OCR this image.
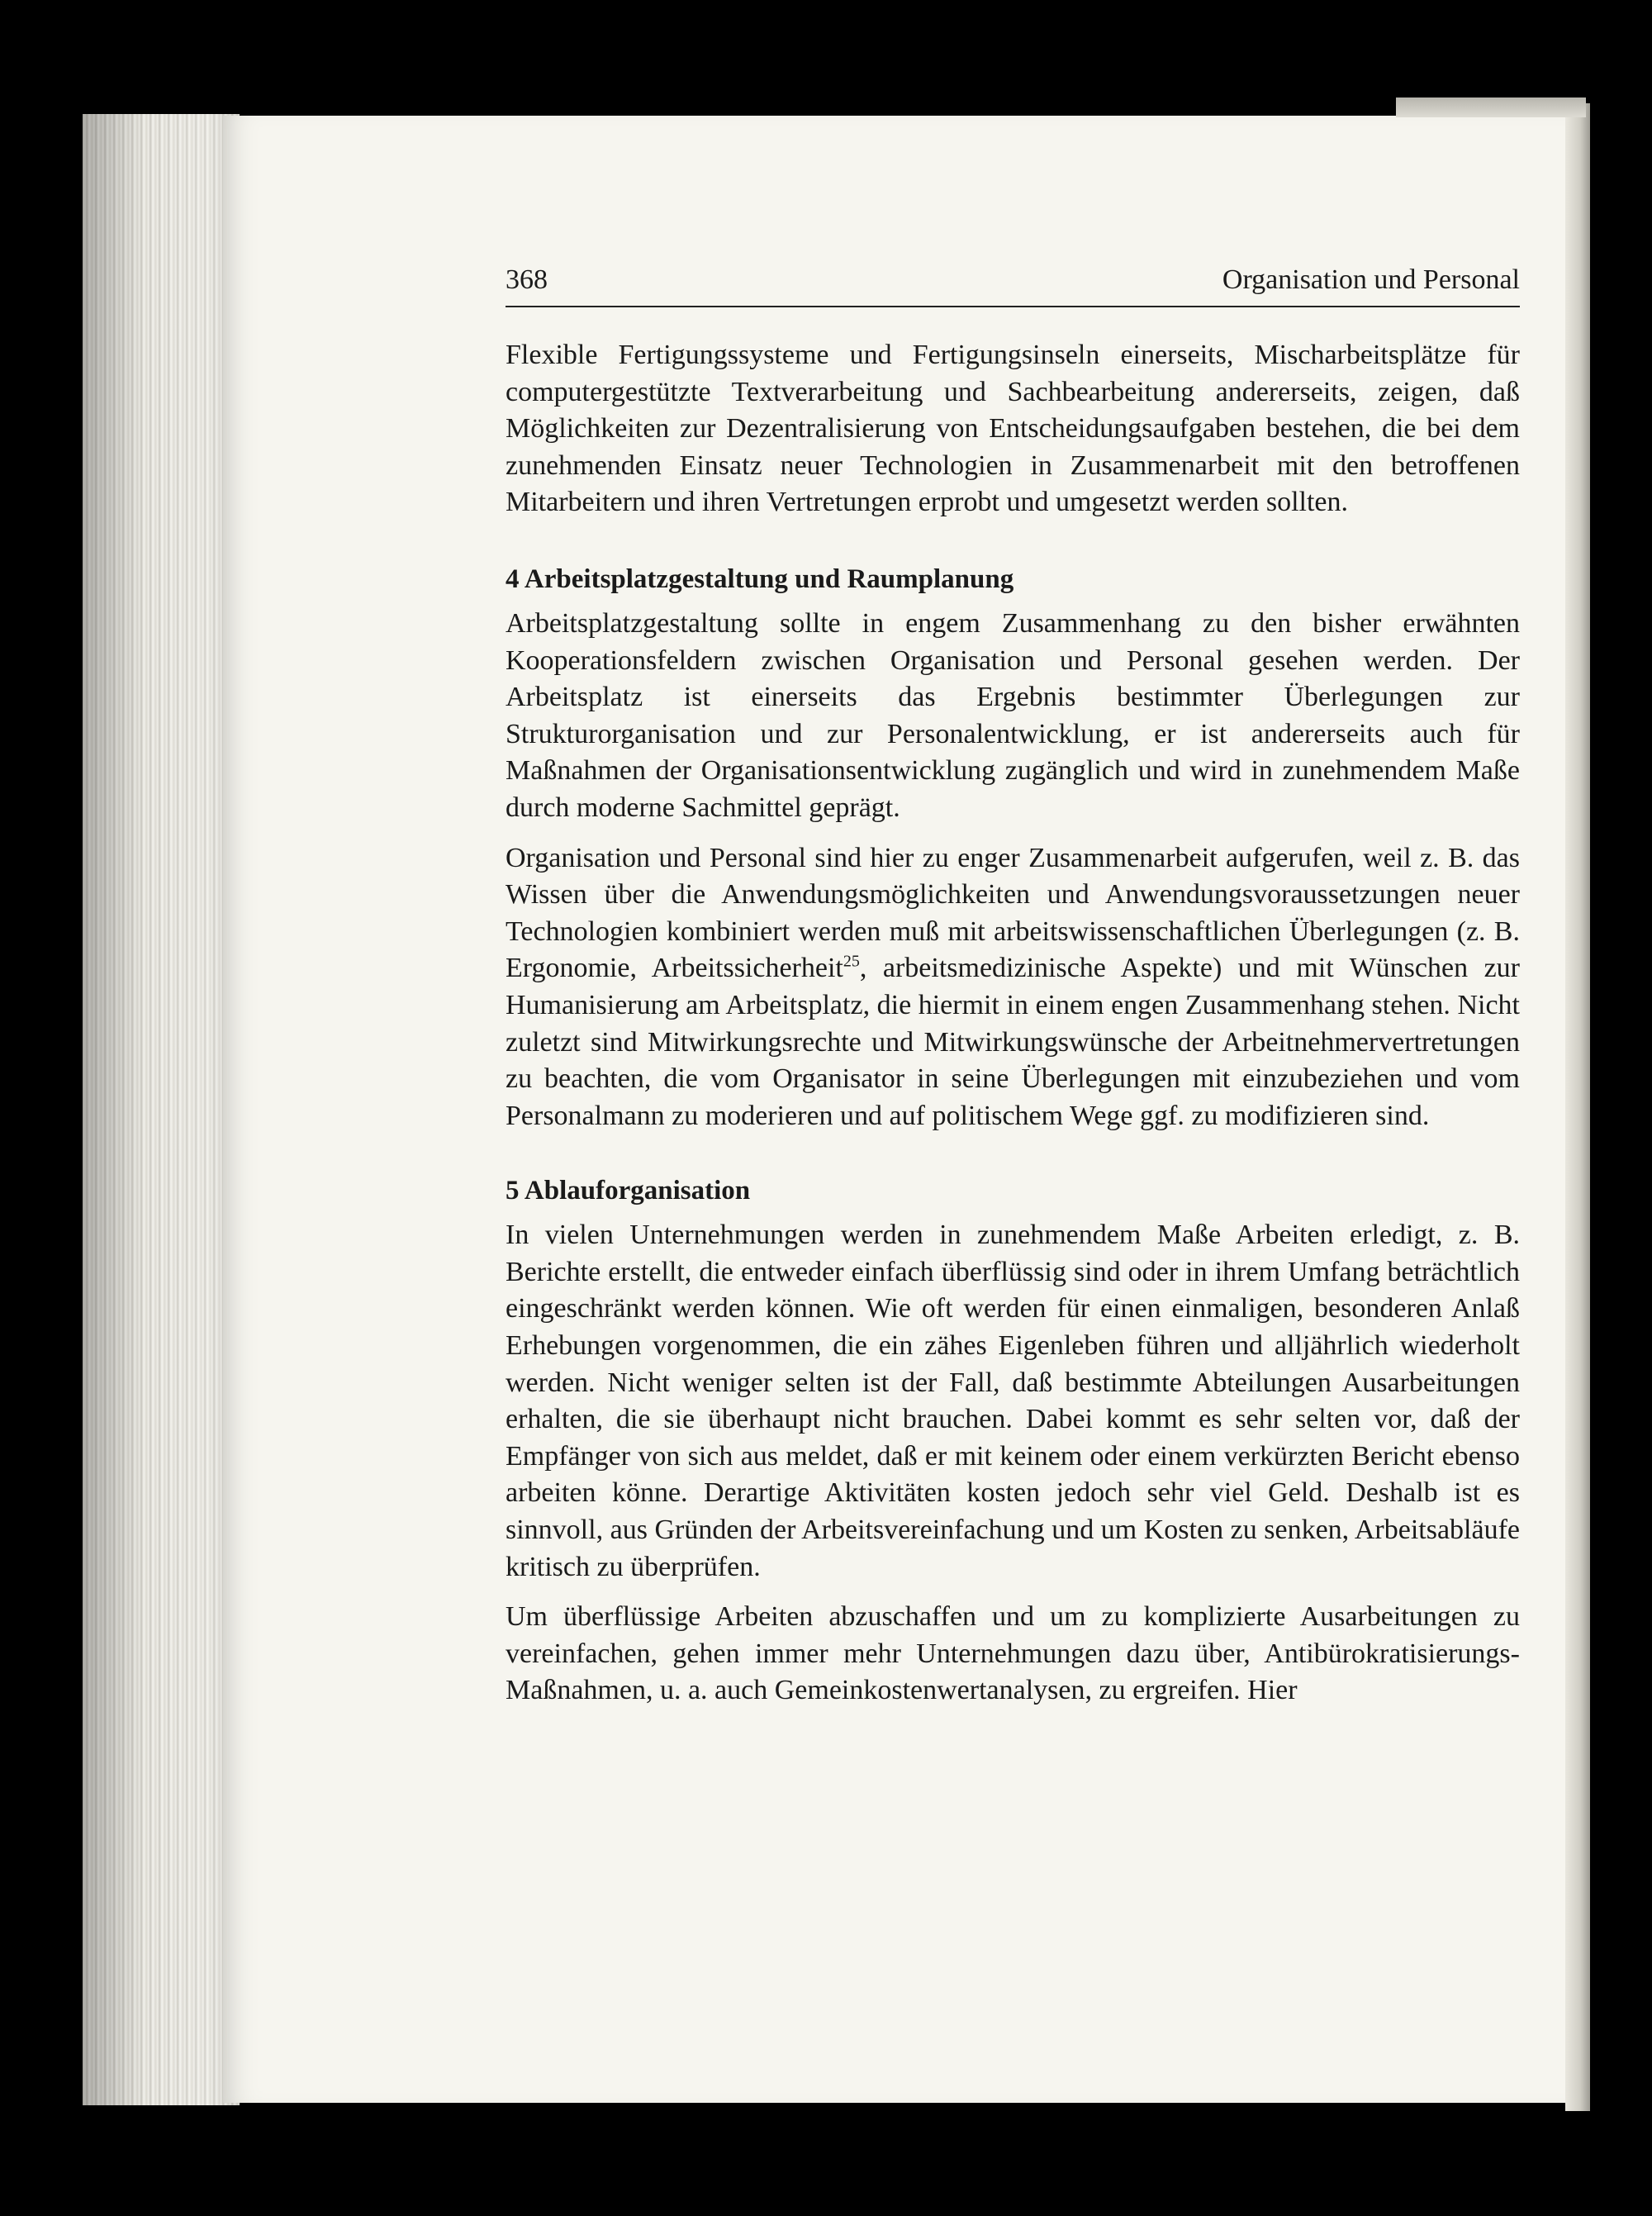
368	Organisation und Personal

Flexible Fertigungssysteme und Fertigungsinseln einerseits, Mischarbeitsplätze für computergestützte Textverarbeitung und Sachbearbeitung andererseits, zeigen, daß Möglichkeiten zur Dezentralisierung von Entscheidungsaufgaben bestehen, die bei dem zunehmenden Einsatz neuer Technologien in Zusammenarbeit mit den betroffenen Mitarbeitern und ihren Vertretungen erprobt und umgesetzt werden sollten.

4 Arbeitsplatzgestaltung und Raumplanung

Arbeitsplatzgestaltung sollte in engem Zusammenhang zu den bisher erwähnten Kooperationsfeldern zwischen Organisation und Personal gesehen werden. Der Arbeitsplatz ist einerseits das Ergebnis bestimmter Überlegungen zur Strukturorganisation und zur Personalentwicklung, er ist andererseits auch für Maßnahmen der Organisationsentwicklung zugänglich und wird in zunehmendem Maße durch moderne Sachmittel geprägt.

Organisation und Personal sind hier zu enger Zusammenarbeit aufgerufen, weil z. B. das Wissen über die Anwendungsmöglichkeiten und Anwendungsvoraussetzungen neuer Technologien kombiniert werden muß mit arbeitswissenschaftlichen Überlegungen (z. B. Ergonomie, Arbeitssicherheit$^{25}$, arbeitsmedizinische Aspekte) und mit Wünschen zur Humanisierung am Arbeitsplatz, die hiermit in einem engen Zusammenhang stehen. Nicht zuletzt sind Mitwirkungsrechte und Mitwirkungswünsche der Arbeitnehmervertretungen zu beachten, die vom Organisator in seine Überlegungen mit einzubeziehen und vom Personalmann zu moderieren und auf politischem Wege ggf. zu modifizieren sind.

5 Ablauforganisation

In vielen Unternehmungen werden in zunehmendem Maße Arbeiten erledigt, z. B. Berichte erstellt, die entweder einfach überflüssig sind oder in ihrem Umfang beträchtlich eingeschränkt werden können. Wie oft werden für einen einmaligen, besonderen Anlaß Erhebungen vorgenommen, die ein zähes Eigenleben führen und alljährlich wiederholt werden. Nicht weniger selten ist der Fall, daß bestimmte Abteilungen Ausarbeitungen erhalten, die sie überhaupt nicht brauchen. Dabei kommt es sehr selten vor, daß der Empfänger von sich aus meldet, daß er mit keinem oder einem verkürzten Bericht ebenso arbeiten könne. Derartige Aktivitäten kosten jedoch sehr viel Geld. Deshalb ist es sinnvoll, aus Gründen der Arbeitsvereinfachung und um Kosten zu senken, Arbeitsabläufe kritisch zu überprüfen.

Um überflüssige Arbeiten abzuschaffen und um zu komplizierte Ausarbeitungen zu vereinfachen, gehen immer mehr Unternehmungen dazu über, Antibürokratisierungs-Maßnahmen, u. a. auch Gemeinkostenwertanalysen, zu ergreifen. Hier
